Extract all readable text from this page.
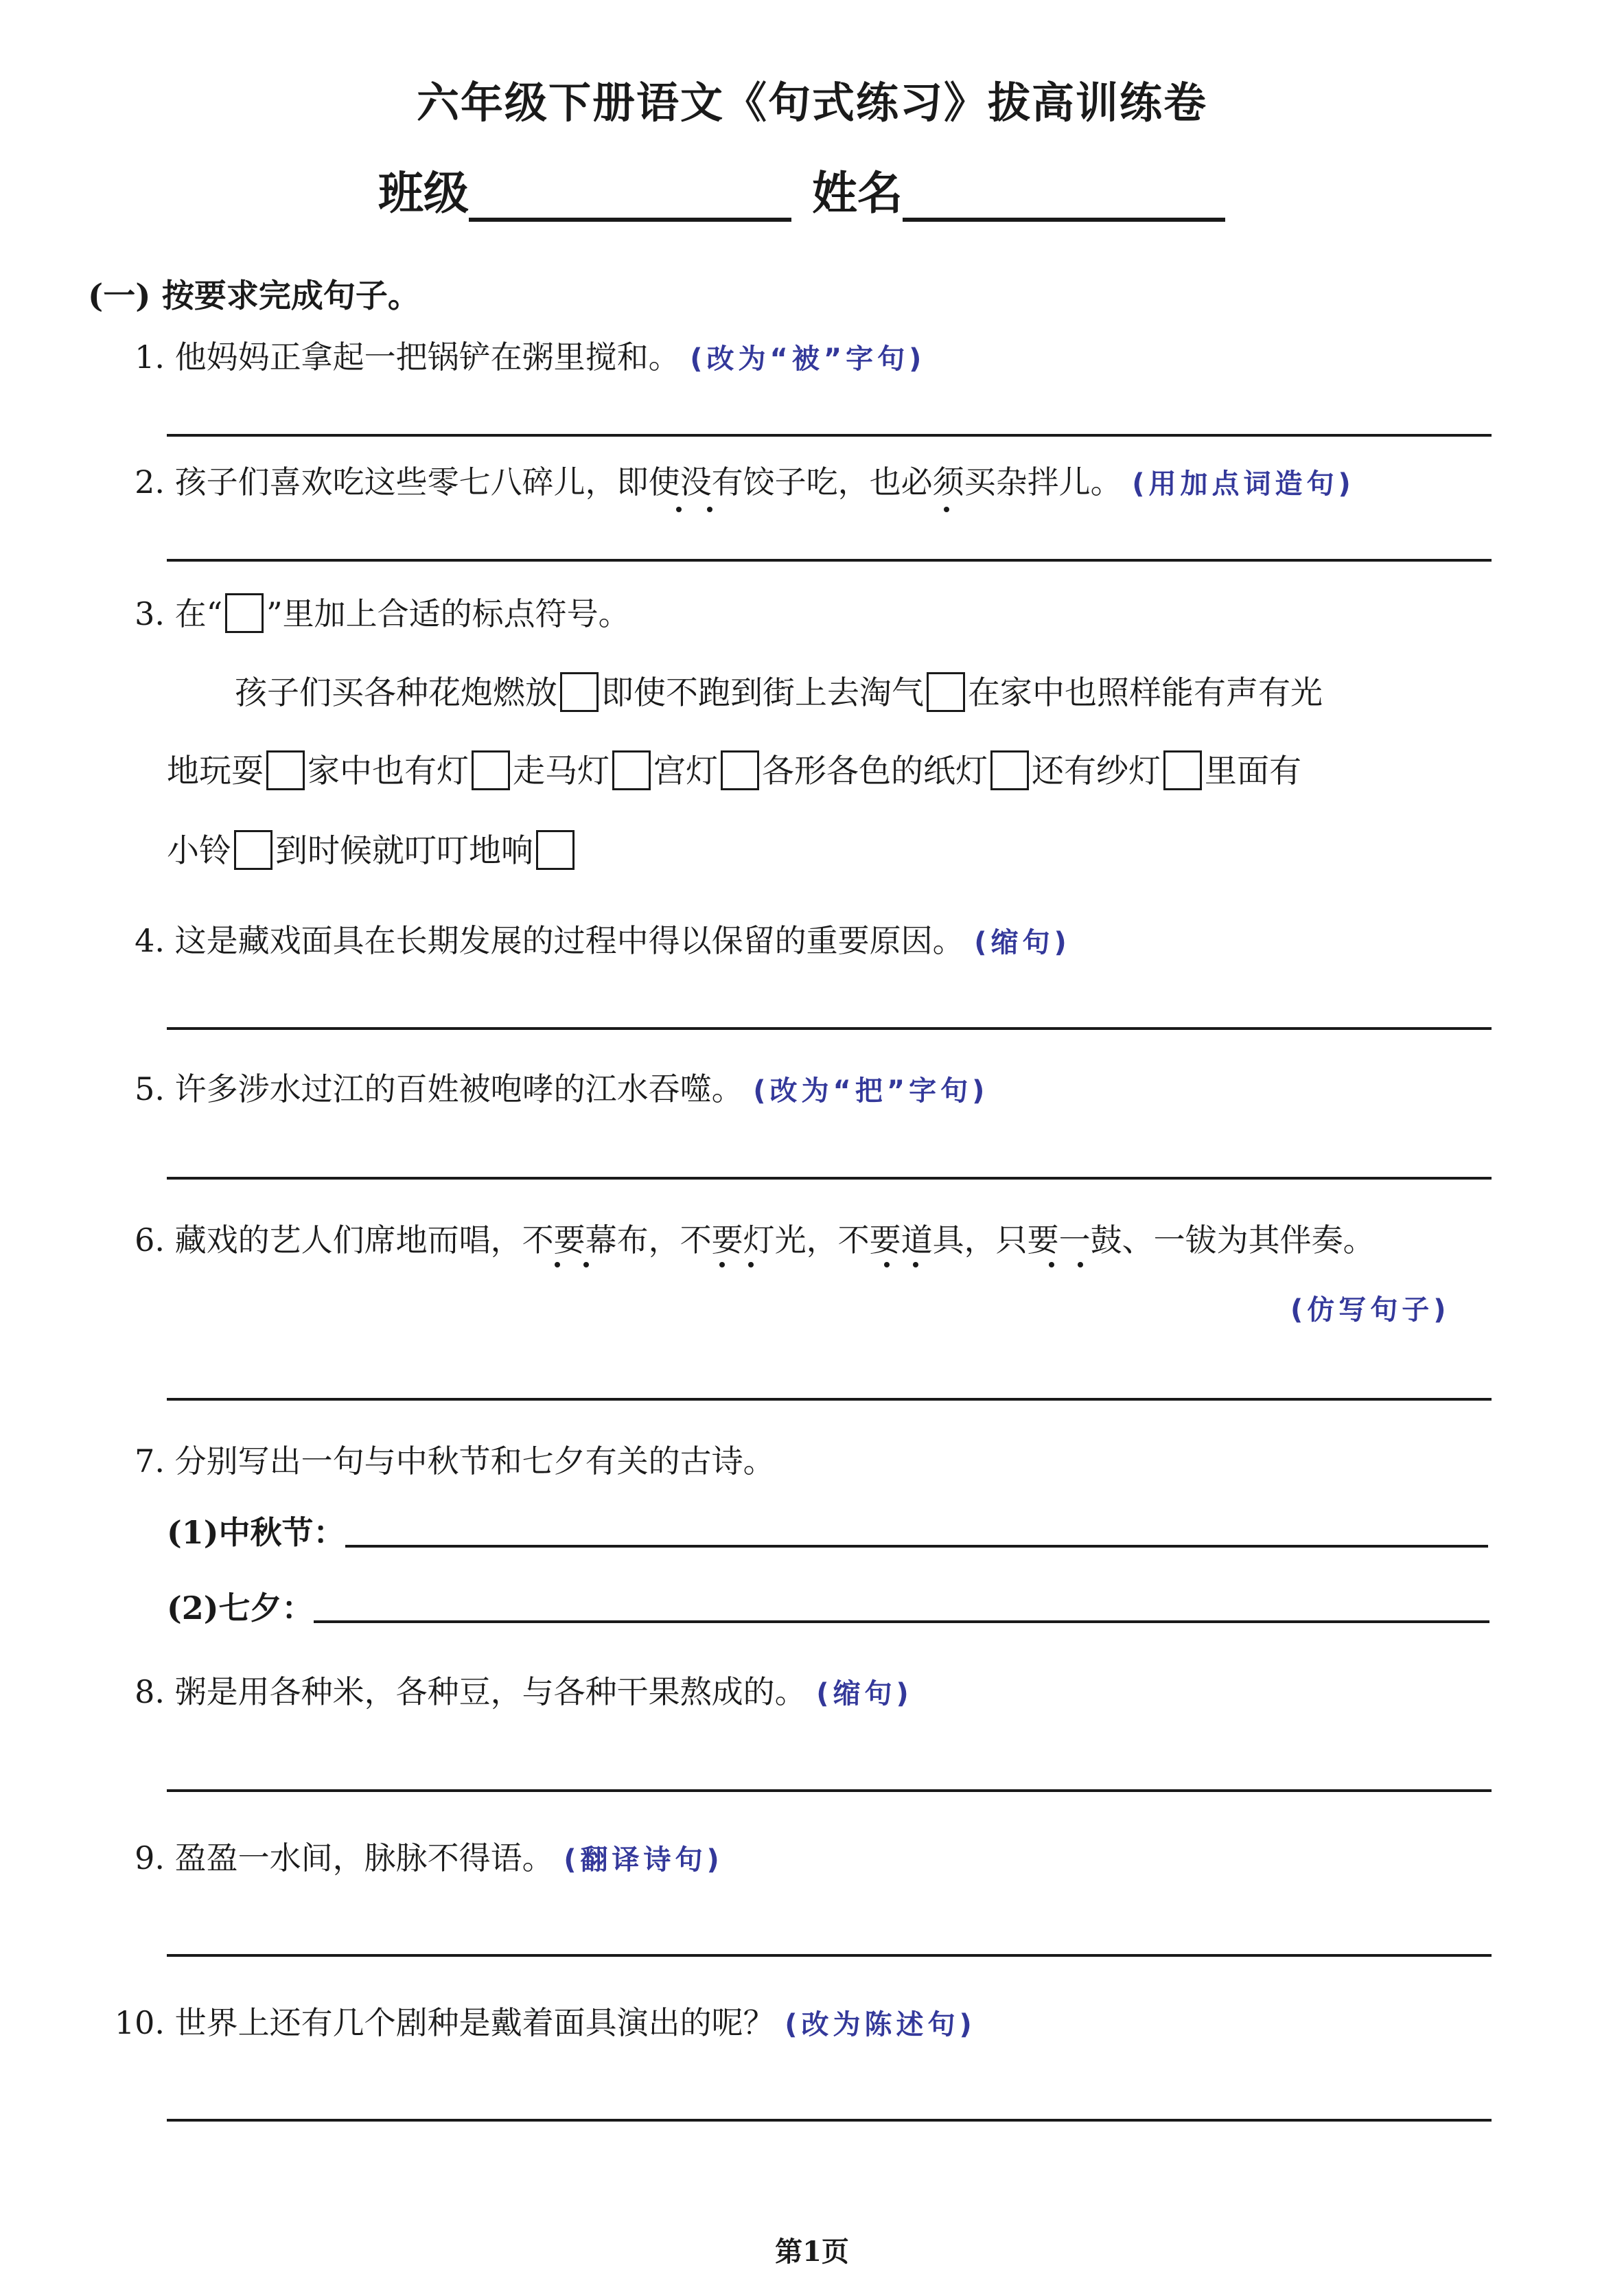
六年级下册语文《句式练习》拔高训练卷
班级	姓名
(一) 按要求完成句子。
1. 他妈妈正拿起一把锅铲在粥里搅和。 (改为“被”字句)
2. 孩子们喜欢吃这些零七八碎儿，即使没有饺子吃，也必须买杂拌儿。 (用加点词造句)
3. 在“ ”里加上合适的标点符号。
孩子们买各种花炮燃放 即使不跑到街上去淘气 在家中也照样能有声有光
地玩耍 家中也有灯 走马灯 宫灯 各形各色的纸灯 还有纱灯 里面有
小铃 到时候就叮叮地响
4. 这是藏戏面具在长期发展的过程中得以保留的重要原因。 (缩句)
5. 许多涉水过江的百姓被咆哮的江水吞噬。 (改为“把”字句)
6. 藏戏的艺人们席地而唱，不要幕布，不要灯光，不要道具，只要一鼓、一钹为其伴奏。
(仿写句子)
7. 分别写出一句与中秋节和七夕有关的古诗。
(1)中秋节：
(2)七夕：
8. 粥是用各种米，各种豆，与各种干果熬成的。 (缩句)
9. 盈盈一水间，脉脉不得语。 (翻译诗句)
10. 世界上还有几个剧种是戴着面具演出的呢？ (改为陈述句)
第1页
